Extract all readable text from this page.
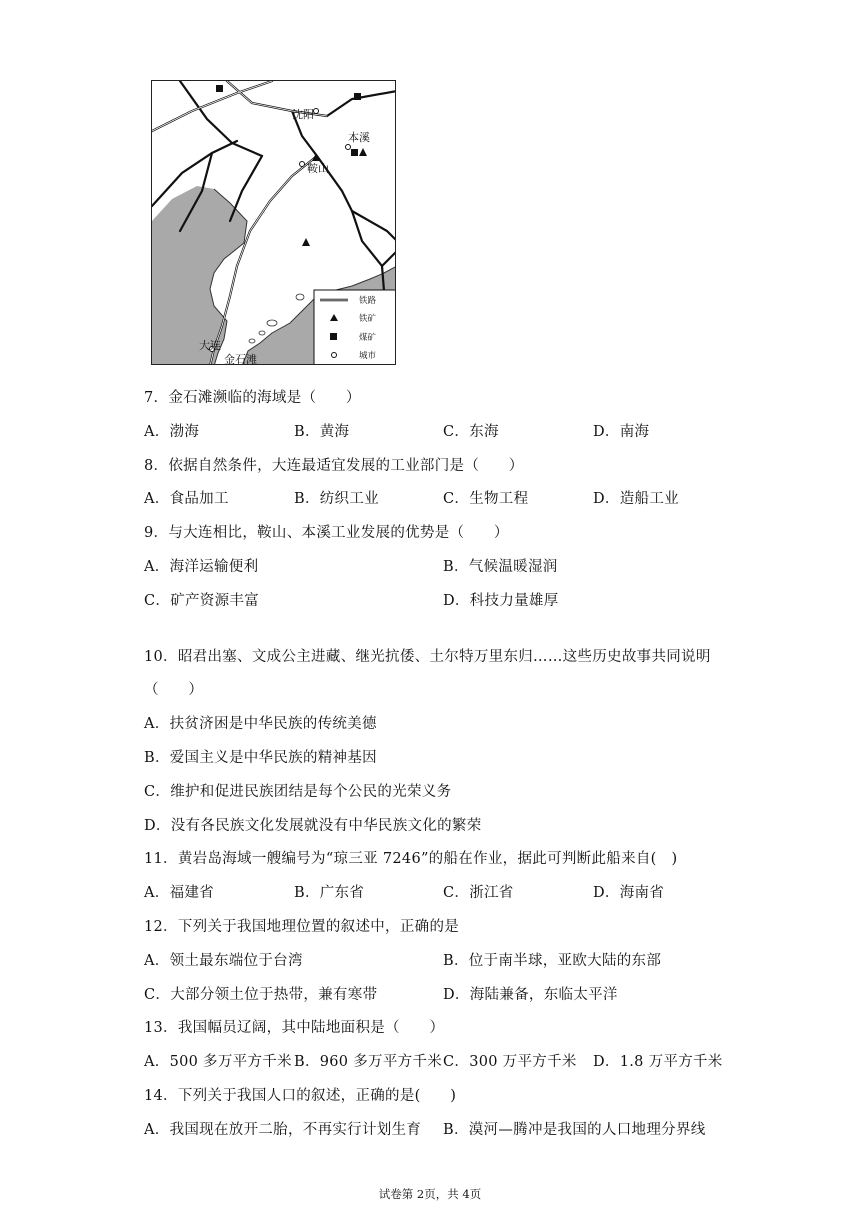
沈阳
本溪
鞍山
大连
金石滩
铁路
铁矿
煤矿
城市
7．金石滩濒临的海域是（　　）
A．渤海	B．黄海	C．东海	D．南海
8．依据自然条件，大连最适宜发展的工业部门是（　　）
A．食品加工	B．纺织工业	C．生物工程	D．造船工业
9．与大连相比，鞍山、本溪工业发展的优势是（　　）
A．海洋运输便利	B．气候温暖湿润
C．矿产资源丰富	D．科技力量雄厚
10．昭君出塞、文成公主进藏、继光抗倭、土尔特万里东归……这些历史故事共同说明
（　　）
A．扶贫济困是中华民族的传统美德
B．爱国主义是中华民族的精神基因
C．维护和促进民族团结是每个公民的光荣义务
D．没有各民族文化发展就没有中华民族文化的繁荣
11．黄岩岛海域一艘编号为“琼三亚 7246”的船在作业，据此可判断此船来自(　)
A．福建省	B．广东省	C．浙江省	D．海南省
12．下列关于我国地理位置的叙述中，正确的是
A．领土最东端位于台湾	B．位于南半球，亚欧大陆的东部
C．大部分领土位于热带，兼有寒带	D．海陆兼备，东临太平洋
13．我国幅员辽阔，其中陆地面积是（　　）
A．500 多万平方千米 B．960 多万平方千米 C．300 万平方千米 D．1.8 万平方千米
14．下列关于我国人口的叙述，正确的是(　　)
A．我国现在放开二胎，不再实行计划生育 B．漠河—腾冲是我国的人口地理分界线
试卷第 2页，共 4页
